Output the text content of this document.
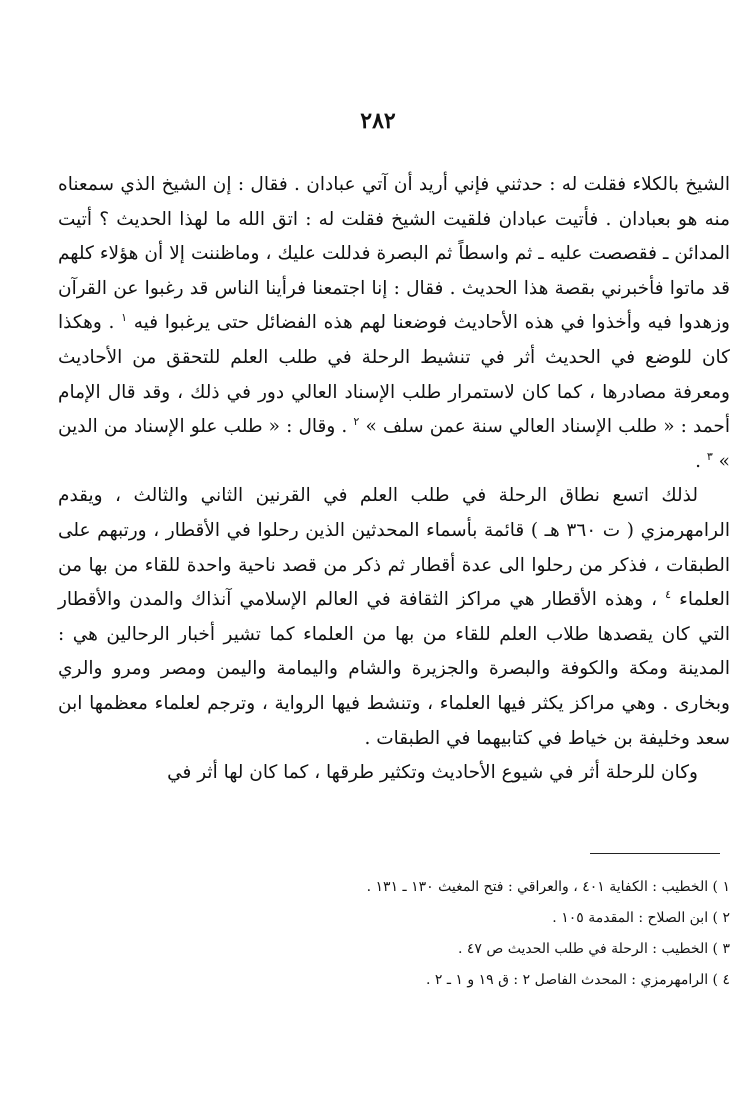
٢٨٢

الشيخ بالكلاء فقلت له : حدثني فإني أريد أن آتي عبادان . فقال : إن الشيخ الذي سمعناه منه هو بعبادان . فأتيت عبادان فلقيت الشيخ فقلت له : اتق الله ما لهذا الحديث ؟ أتيت المدائن ـ فقصصت عليه ـ ثم واسطاً ثم البصرة فدللت عليك ، وماظننت إلا أن هؤلاء كلهم قد ماتوا فأخبرني بقصة هذا الحديث . فقال : إنا اجتمعنا فرأينا الناس قد رغبوا عن القرآن وزهدوا فيه وأخذوا في هذه الأحاديث فوضعنا لهم هذه الفضائل حتى يرغبوا فيه $^١$ . وهكذا كان للوضع في الحديث أثر في تنشيط الرحلة في طلب العلم للتحقق من الأحاديث ومعرفة مصادرها ، كما كان لاستمرار طلب الإسناد العالي دور في ذلك ، وقد قال الإمام أحمد : « طلب الإسناد العالي سنة عمن سلف » $^٢$ . وقال : « طلب علو الإسناد من الدين » $^٣$ .

لذلك اتسع نطاق الرحلة في طلب العلم في القرنين الثاني والثالث ، ويقدم الرامهرمزي ( ت ٣٦٠ هـ ) قائمة بأسماء المحدثين الذين رحلوا في الأقطار ، ورتبهم على الطبقات ، فذكر من رحلوا الى عدة أقطار ثم ذكر من قصد ناحية واحدة للقاء من بها من العلماء $^٤$ ، وهذه الأقطار هي مراكز الثقافة في العالم الإسلامي آنذاك والمدن والأقطار التي كان يقصدها طلاب العلم للقاء من بها من العلماء كما تشير أخبار الرحالين هي : المدينة ومكة والكوفة والبصرة والجزيرة والشام واليمامة واليمن ومصر ومرو والري وبخارى . وهي مراكز يكثر فيها العلماء ، وتنشط فيها الرواية ، وترجم لعلماء معظمها ابن سعد وخليفة بن خياط في كتابيهما في الطبقات .

وكان للرحلة أثر في شيوع الأحاديث وتكثير طرقها ، كما كان لها أثر في

١ ) الخطيب : الكفاية ٤٠١ ، والعراقي : فتح المغيث ١٣٠ ـ ١٣١ .

٢ ) ابن الصلاح : المقدمة ١٠٥ .

٣ ) الخطيب : الرحلة في طلب الحديث ص ٤٧ .

٤ ) الرامهرمزي : المحدث الفاصل ٢ : ق ١٩ و ١ ـ ٢ .
